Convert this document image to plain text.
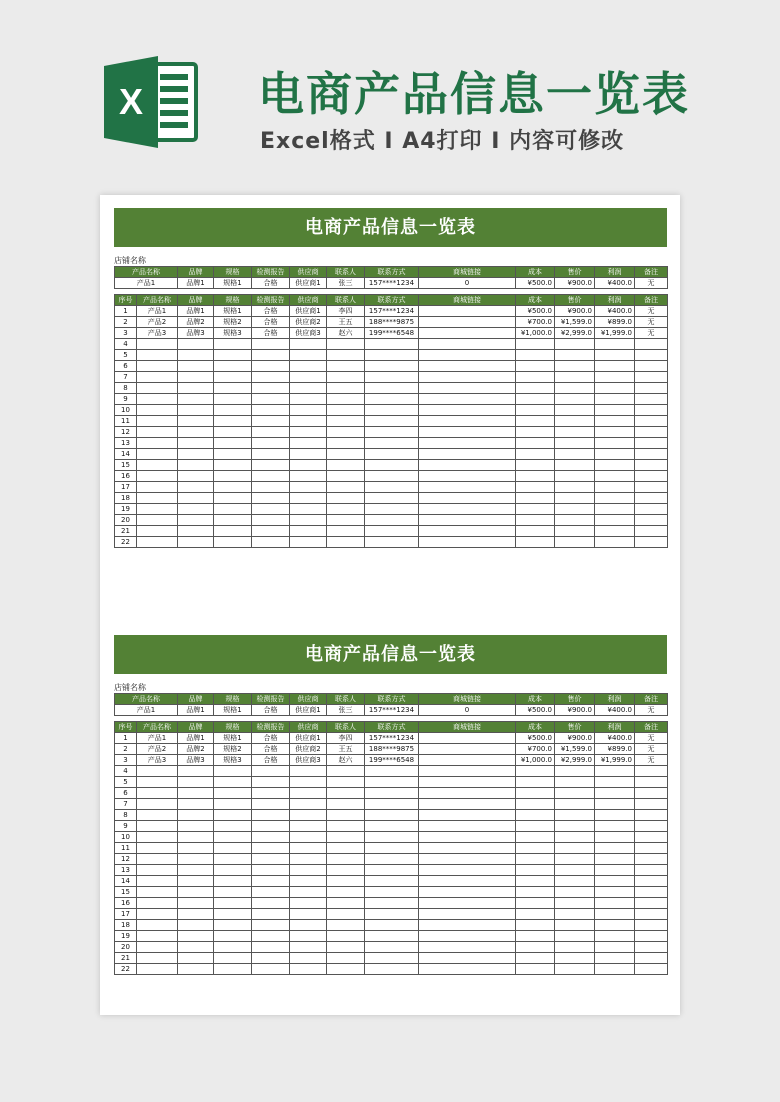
X 电商产品信息一览表
Excel格式 I A4打印 I 内容可修改
电商产品信息一览表
店铺名称
产品名称	品牌	规格	检测报告	供应商	联系人	联系方式	商城链接	成本	售价	利润	备注
产品1	品牌1	规格1	合格	供应商1	张三	157****1234	0	¥500.0	¥900.0	¥400.0	无
序号	产品名称	品牌	规格	检测报告	供应商	联系人	联系方式	商城链接	成本	售价	利润	备注
1	产品1	品牌1	规格1	合格	供应商1	李四	157****1234		¥500.0	¥900.0	¥400.0	无
2	产品2	品牌2	规格2	合格	供应商2	王五	188****9875		¥700.0	¥1,599.0	¥899.0	无
3	产品3	品牌3	规格3	合格	供应商3	赵六	199****6548		¥1,000.0	¥2,999.0	¥1,999.0	无
4												
5												
6												
7												
8												
9												
10												
11												
12												
13												
14												
15												
16												
17												
18												
19												
20												
21												
22												
电商产品信息一览表
店铺名称
产品名称	品牌	规格	检测报告	供应商	联系人	联系方式	商城链接	成本	售价	利润	备注
产品1	品牌1	规格1	合格	供应商1	张三	157****1234	0	¥500.0	¥900.0	¥400.0	无
序号	产品名称	品牌	规格	检测报告	供应商	联系人	联系方式	商城链接	成本	售价	利润	备注
1	产品1	品牌1	规格1	合格	供应商1	李四	157****1234		¥500.0	¥900.0	¥400.0	无
2	产品2	品牌2	规格2	合格	供应商2	王五	188****9875		¥700.0	¥1,599.0	¥899.0	无
3	产品3	品牌3	规格3	合格	供应商3	赵六	199****6548		¥1,000.0	¥2,999.0	¥1,999.0	无
4												
5												
6												
7												
8												
9												
10												
11												
12												
13												
14												
15												
16												
17												
18												
19												
20												
21												
22												
